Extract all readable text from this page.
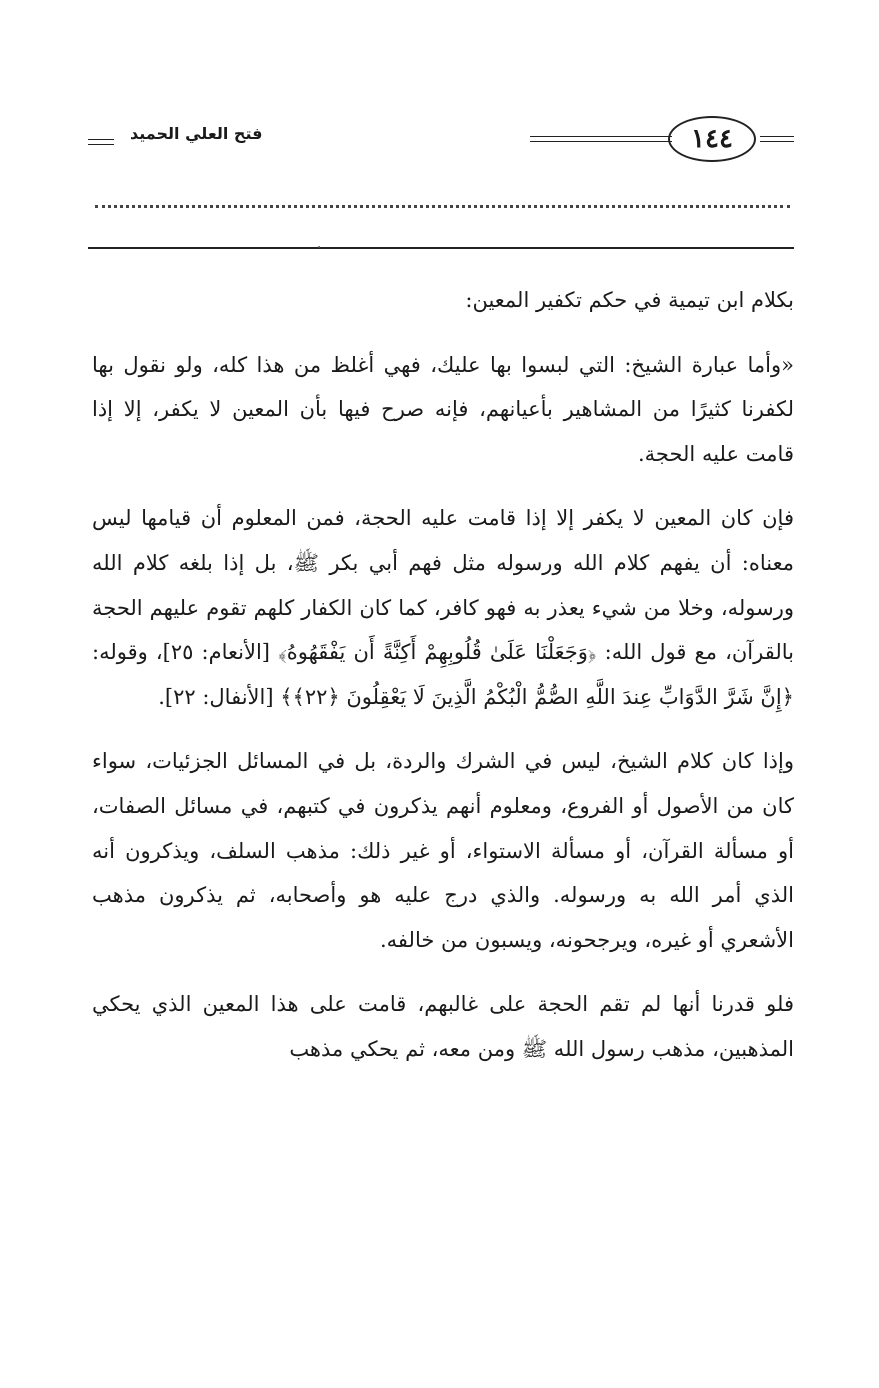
فتح العلي الحميد	١٤٤

بكلام ابن تيمية في حكم تكفير المعين:

«وأما عبارة الشيخ: التي لبسوا بها عليك، فهي أغلظ من هذا كله، ولو نقول بها لكفرنا كثيرًا من المشاهير بأعيانهم، فإنه صرح فيها بأن المعين لا يكفر، إلا إذا قامت عليه الحجة.

فإن كان المعين لا يكفر إلا إذا قامت عليه الحجة، فمن المعلوم أن قيامها ليس معناه: أن يفهم كلام الله ورسوله مثل فهم أبي بكر ﷺ، بل إذا بلغه كلام الله ورسوله، وخلا من شيء يعذر به فهو كافر، كما كان الكفار كلهم تقوم عليهم الحجة بالقرآن، مع قول الله: ﴿وَجَعَلْنَا عَلَىٰ قُلُوبِهِمْ أَكِنَّةً أَن يَفْقَهُوهُ﴾ [الأنعام: ٢٥]، وقوله: ﴿إِنَّ شَرَّ الدَّوَابِّ عِندَ اللَّهِ الصُّمُّ الْبُكْمُ الَّذِينَ لَا يَعْقِلُونَ ﴿٢٢﴾﴾ [الأنفال: ٢٢].

وإذا كان كلام الشيخ، ليس في الشرك والردة، بل في المسائل الجزئيات، سواء كان من الأصول أو الفروع، ومعلوم أنهم يذكرون في كتبهم، في مسائل الصفات، أو مسألة القرآن، أو مسألة الاستواء، أو غير ذلك: مذهب السلف، ويذكرون أنه الذي أمر الله به ورسوله. والذي درج عليه هو وأصحابه، ثم يذكرون مذهب الأشعري أو غيره، ويرجحونه، ويسبون من خالفه.

فلو قدرنا أنها لم تقم الحجة على غالبهم، قامت على هذا المعين الذي يحكي المذهبين، مذهب رسول الله ﷺ ومن معه، ثم يحكي مذهب
